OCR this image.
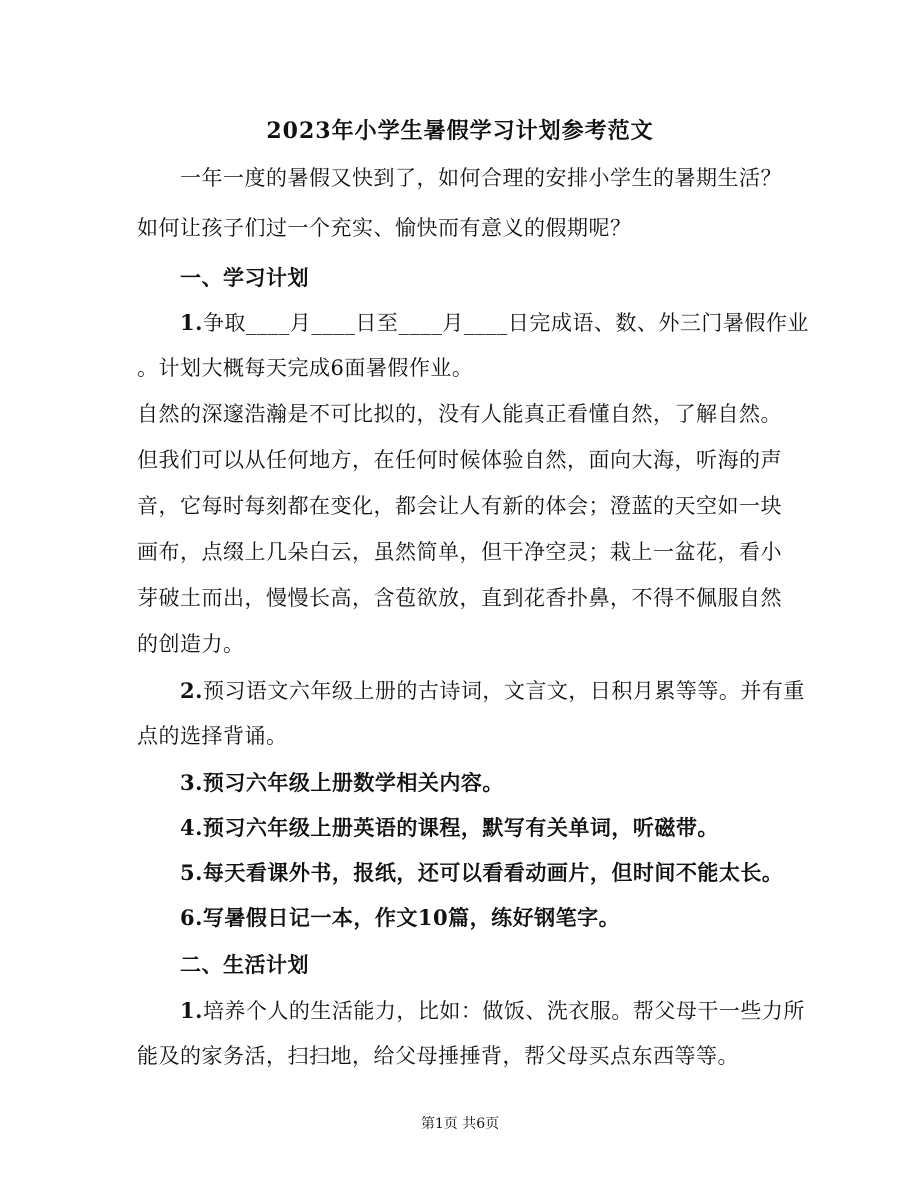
2023年小学生暑假学习计划参考范文
一年一度的暑假又快到了，如何合理的安排小学生的暑期生活？
如何让孩子们过一个充实、愉快而有意义的假期呢？
一、学习计划
1.争取____月____日至____月____日完成语、数、外三门暑假作业
。计划大概每天完成6面暑假作业。
自然的深邃浩瀚是不可比拟的，没有人能真正看懂自然，了解自然。
但我们可以从任何地方，在任何时候体验自然，面向大海，听海的声
音，它每时每刻都在变化，都会让人有新的体会；澄蓝的天空如一块
画布，点缀上几朵白云，虽然简单，但干净空灵；栽上一盆花，看小
芽破土而出，慢慢长高，含苞欲放，直到花香扑鼻，不得不佩服自然
的创造力。
2.预习语文六年级上册的古诗词，文言文，日积月累等等。并有重
点的选择背诵。
3.预习六年级上册数学相关内容。
4.预习六年级上册英语的课程，默写有关单词，听磁带。
5.每天看课外书，报纸，还可以看看动画片，但时间不能太长。
6.写暑假日记一本，作文10篇，练好钢笔字。
二、生活计划
1.培养个人的生活能力，比如：做饭、洗衣服。帮父母干一些力所
能及的家务活，扫扫地，给父母捶捶背，帮父母买点东西等等。
第1页 共6页
